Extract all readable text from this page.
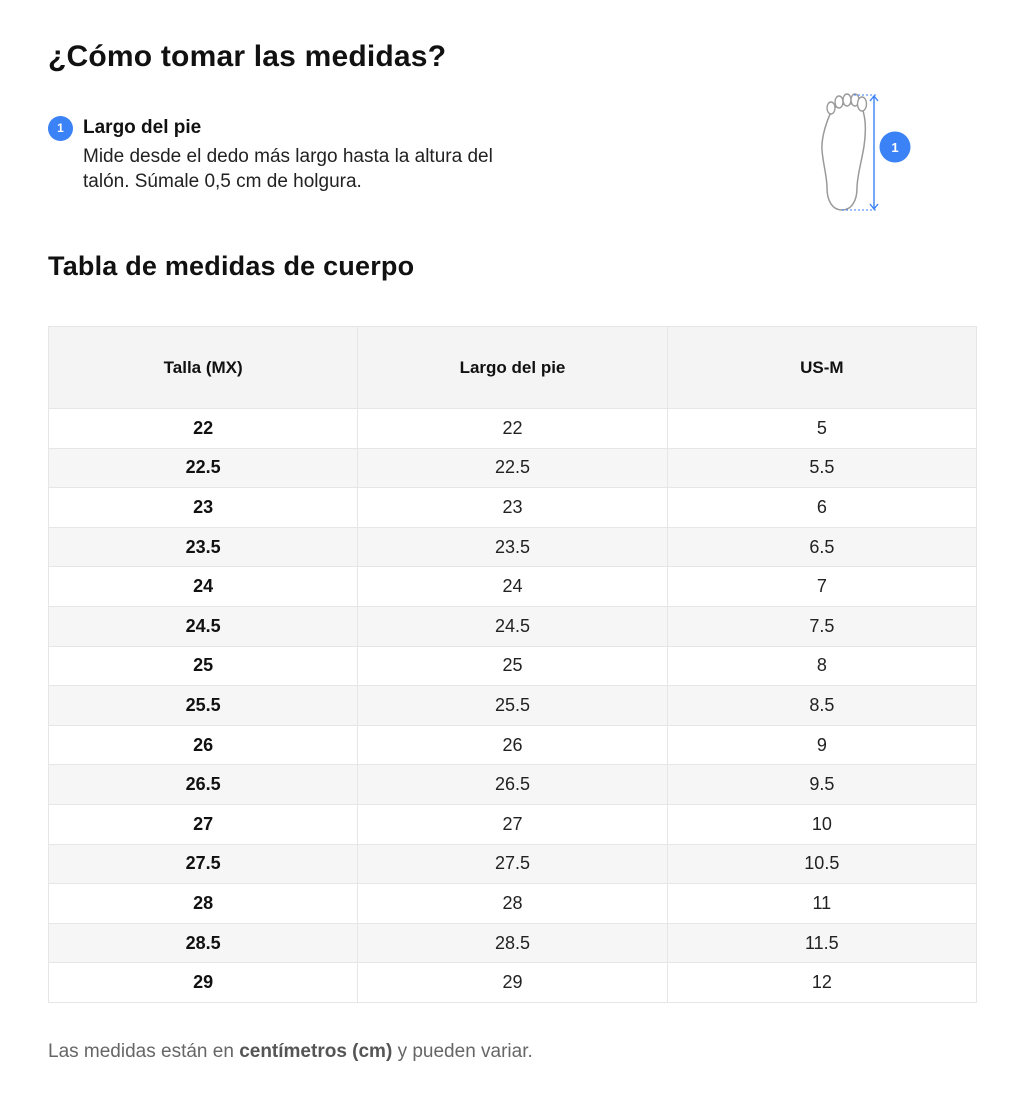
¿Cómo tomar las medidas?
1	Largo del pie
Mide desde el dedo más largo hasta la altura del talón. Súmale 0,5 cm de holgura.
1
Tabla de medidas de cuerpo
Talla (MX)	Largo del pie	US-M
22	22	5
22.5	22.5	5.5
23	23	6
23.5	23.5	6.5
24	24	7
24.5	24.5	7.5
25	25	8
25.5	25.5	8.5
26	26	9
26.5	26.5	9.5
27	27	10
27.5	27.5	10.5
28	28	11
28.5	28.5	11.5
29	29	12

Las medidas están en centímetros (cm) y pueden variar.
